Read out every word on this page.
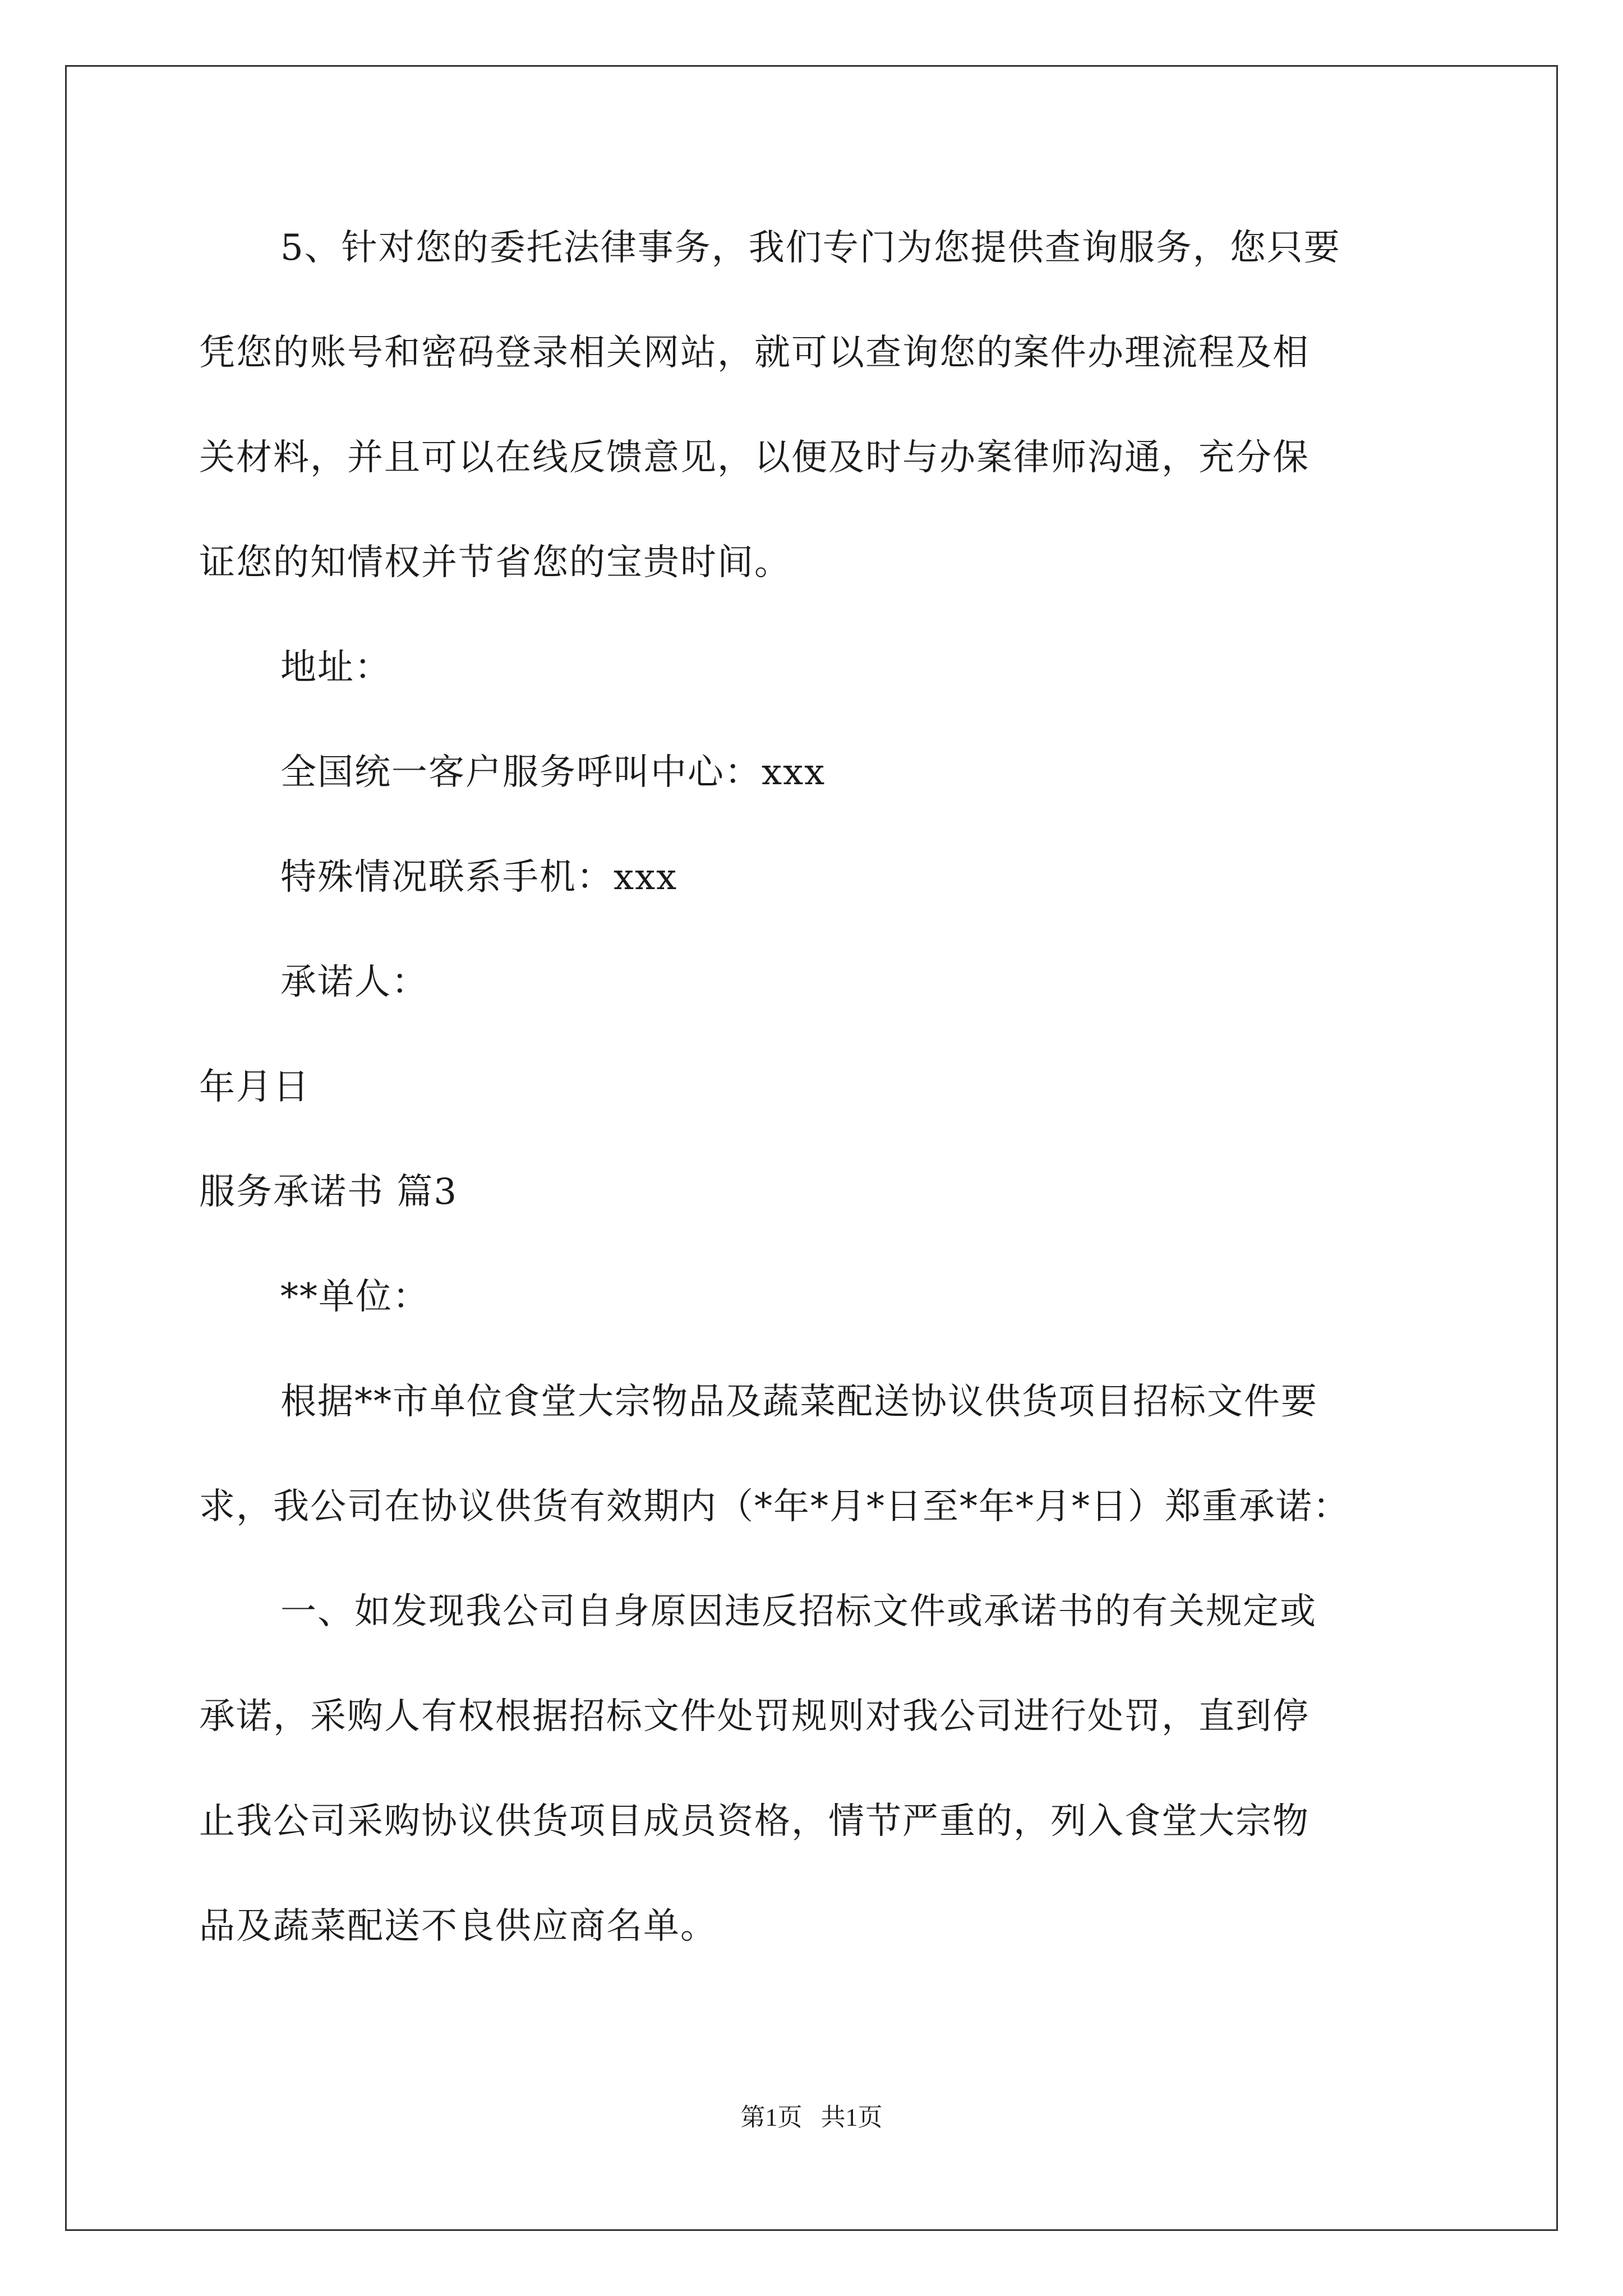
5、针对您的委托法律事务，我们专门为您提供查询服务，您只要
凭您的账号和密码登录相关网站，就可以查询您的案件办理流程及相
关材料，并且可以在线反馈意见，以便及时与办案律师沟通，充分保
证您的知情权并节省您的宝贵时间。
地址：
全国统一客户服务呼叫中心：xxx
特殊情况联系手机：xxx
承诺人：
年月日
服务承诺书 篇3
**单位：
根据**市单位食堂大宗物品及蔬菜配送协议供货项目招标文件要
求，我公司在协议供货有效期内（*年*月*日至*年*月*日）郑重承诺：
一、如发现我公司自身原因违反招标文件或承诺书的有关规定或
承诺，采购人有权根据招标文件处罚规则对我公司进行处罚，直到停
止我公司采购协议供货项目成员资格，情节严重的，列入食堂大宗物
品及蔬菜配送不良供应商名单。
第1页   共1页
